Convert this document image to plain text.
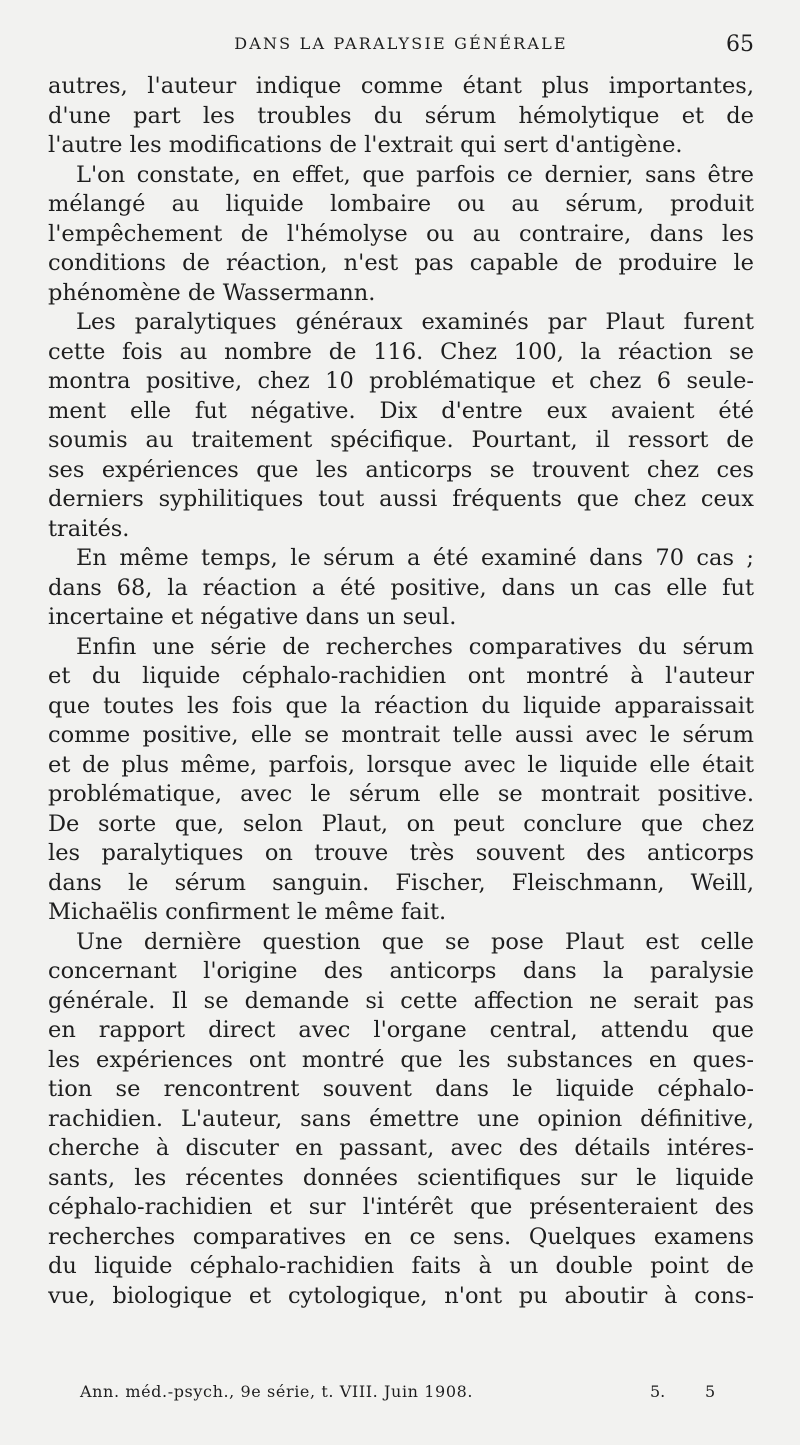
DANS LA PARALYSIE GÉNÉRALE	65
autres, l'auteur indique comme étant plus importantes,
d'une part les troubles du sérum hémolytique et de
l'autre les modifications de l'extrait qui sert d'antigène.
L'on constate, en effet, que parfois ce dernier, sans être
mélangé au liquide lombaire ou au sérum, produit
l'empêchement de l'hémolyse ou au contraire, dans les
conditions de réaction, n'est pas capable de produire le
phénomène de Wassermann.
Les paralytiques généraux examinés par Plaut furent
cette fois au nombre de 116. Chez 100, la réaction se
montra positive, chez 10 problématique et chez 6 seule-
ment elle fut négative. Dix d'entre eux avaient été
soumis au traitement spécifique. Pourtant, il ressort de
ses expériences que les anticorps se trouvent chez ces
derniers syphilitiques tout aussi fréquents que chez ceux
traités.
En même temps, le sérum a été examiné dans 70 cas ;
dans 68, la réaction a été positive, dans un cas elle fut
incertaine et négative dans un seul.
Enfin une série de recherches comparatives du sérum
et du liquide céphalo-rachidien ont montré à l'auteur
que toutes les fois que la réaction du liquide apparaissait
comme positive, elle se montrait telle aussi avec le sérum
et de plus même, parfois, lorsque avec le liquide elle était
problématique, avec le sérum elle se montrait positive.
De sorte que, selon Plaut, on peut conclure que chez
les paralytiques on trouve très souvent des anticorps
dans le sérum sanguin. Fischer, Fleischmann, Weill,
Michaëlis confirment le même fait.
Une dernière question que se pose Plaut est celle
concernant l'origine des anticorps dans la paralysie
générale. Il se demande si cette affection ne serait pas
en rapport direct avec l'organe central, attendu que
les expériences ont montré que les substances en ques-
tion se rencontrent souvent dans le liquide céphalo-
rachidien. L'auteur, sans émettre une opinion définitive,
cherche à discuter en passant, avec des détails intéres-
sants, les récentes données scientifiques sur le liquide
céphalo-rachidien et sur l'intérêt que présenteraient des
recherches comparatives en ce sens. Quelques examens
du liquide céphalo-rachidien faits à un double point de
vue, biologique et cytologique, n'ont pu aboutir à cons-
Ann. méd.-psych., 9e série, t. VIII. Juin 1908.	5. 5
